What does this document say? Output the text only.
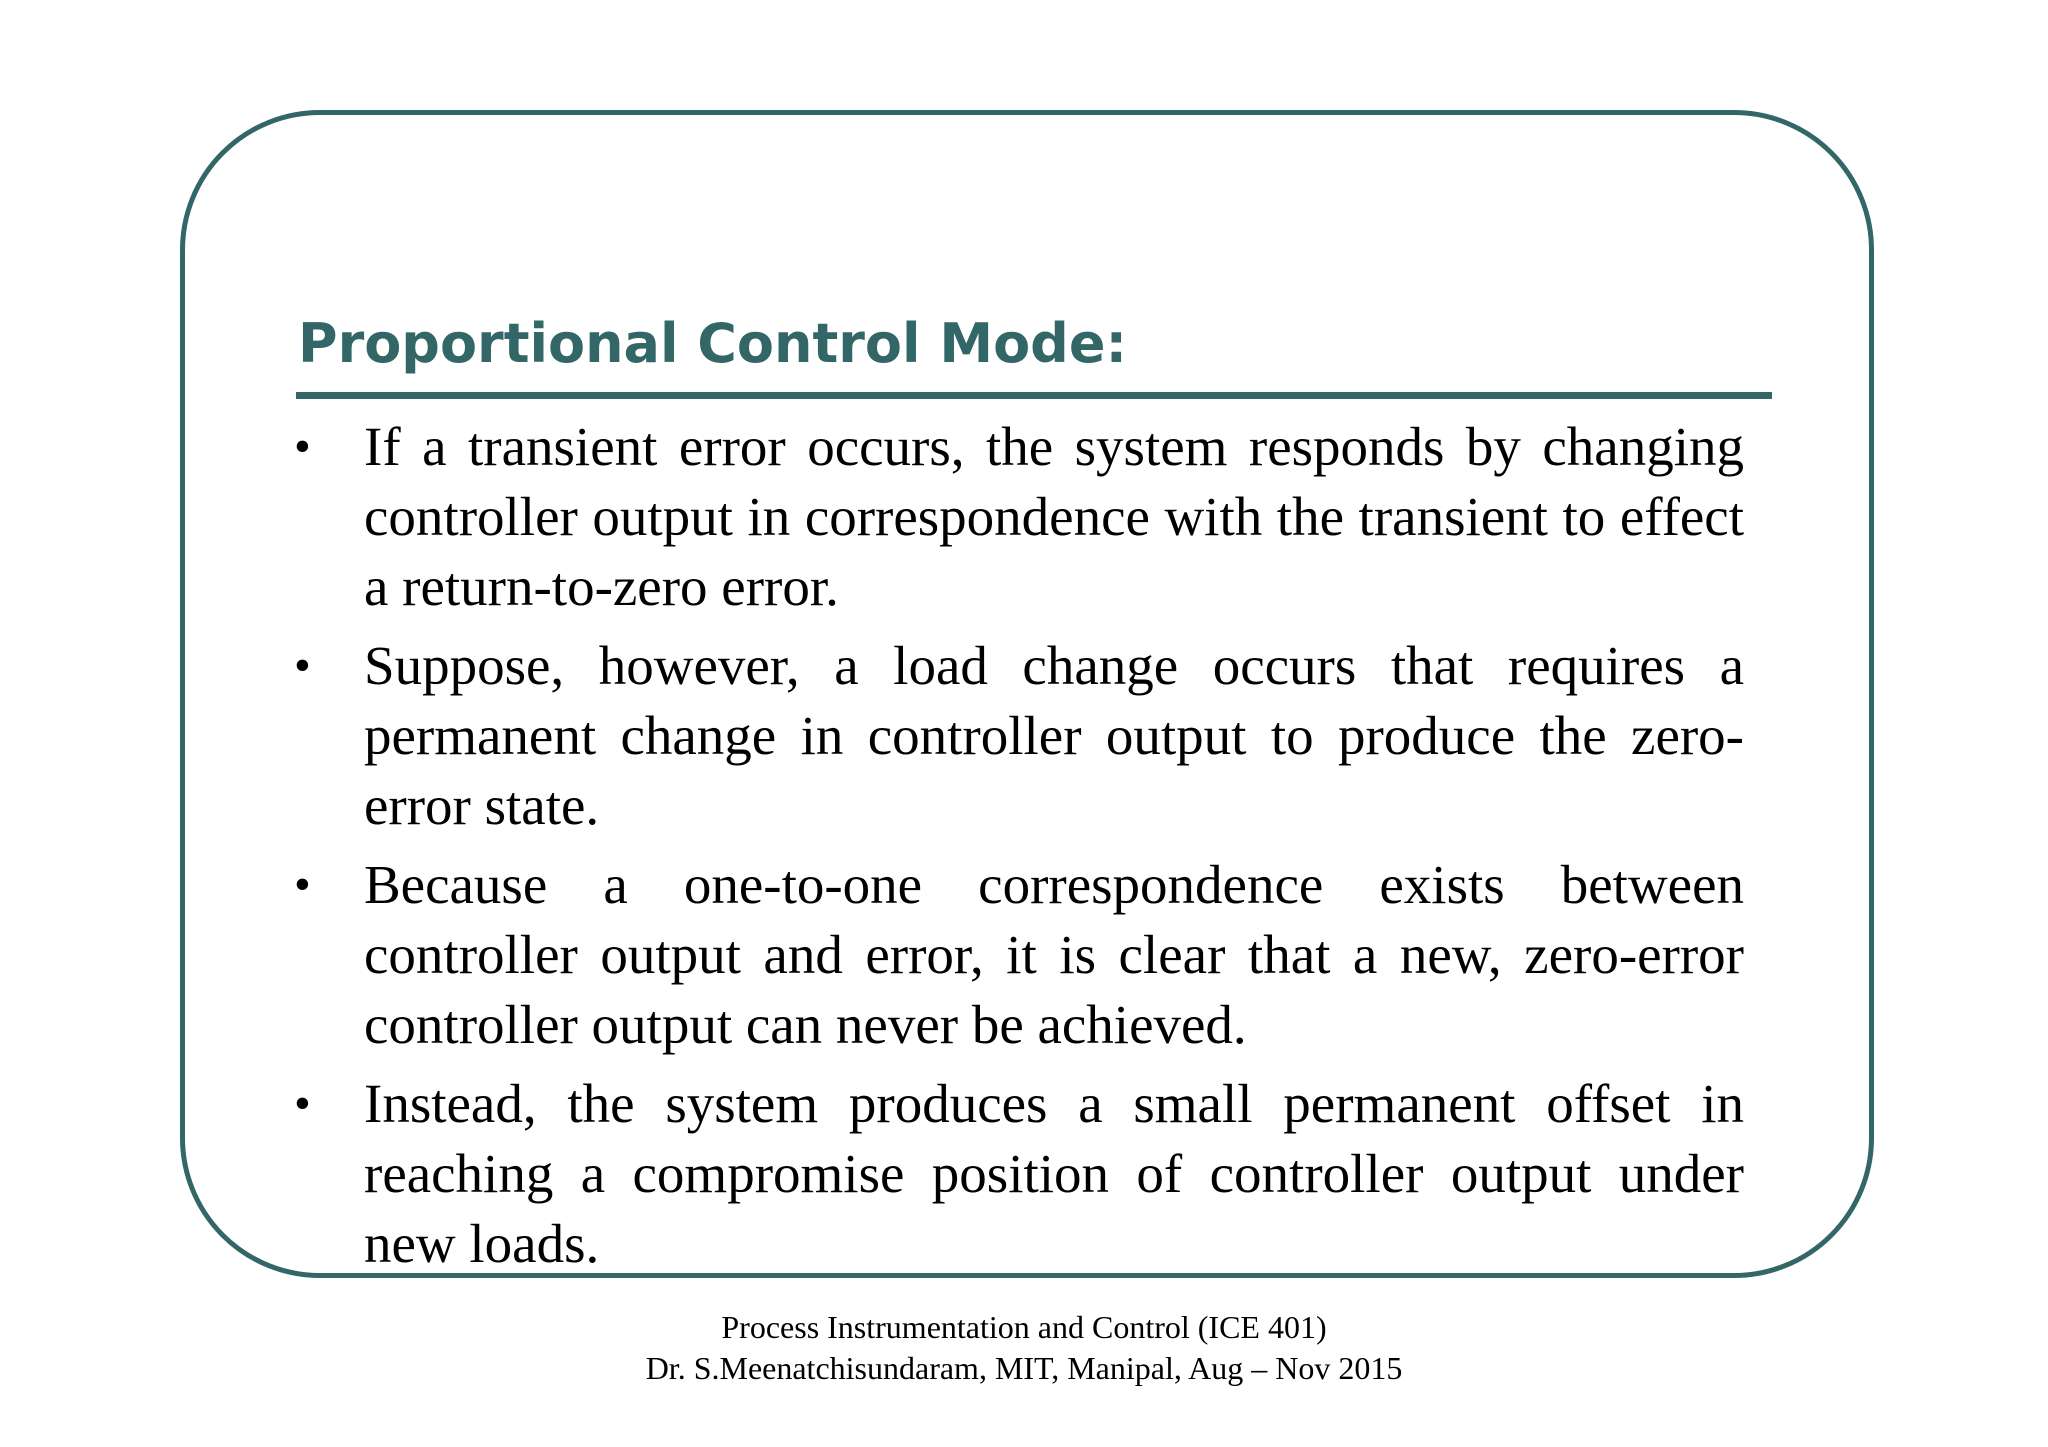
Proportional Control Mode:
• If a transient error occurs, the system responds by changing controller output in correspondence with the transient to effect a return-to-zero error.
• Suppose, however, a load change occurs that requires a permanent change in controller output to produce the zero-error state.
• Because a one-to-one correspondence exists between controller output and error, it is clear that a new, zero-error controller output can never be achieved.
• Instead, the system produces a small permanent offset in reaching a compromise position of controller output under new loads.
Process Instrumentation and Control (ICE 401)
Dr. S.Meenatchisundaram, MIT, Manipal, Aug – Nov 2015
